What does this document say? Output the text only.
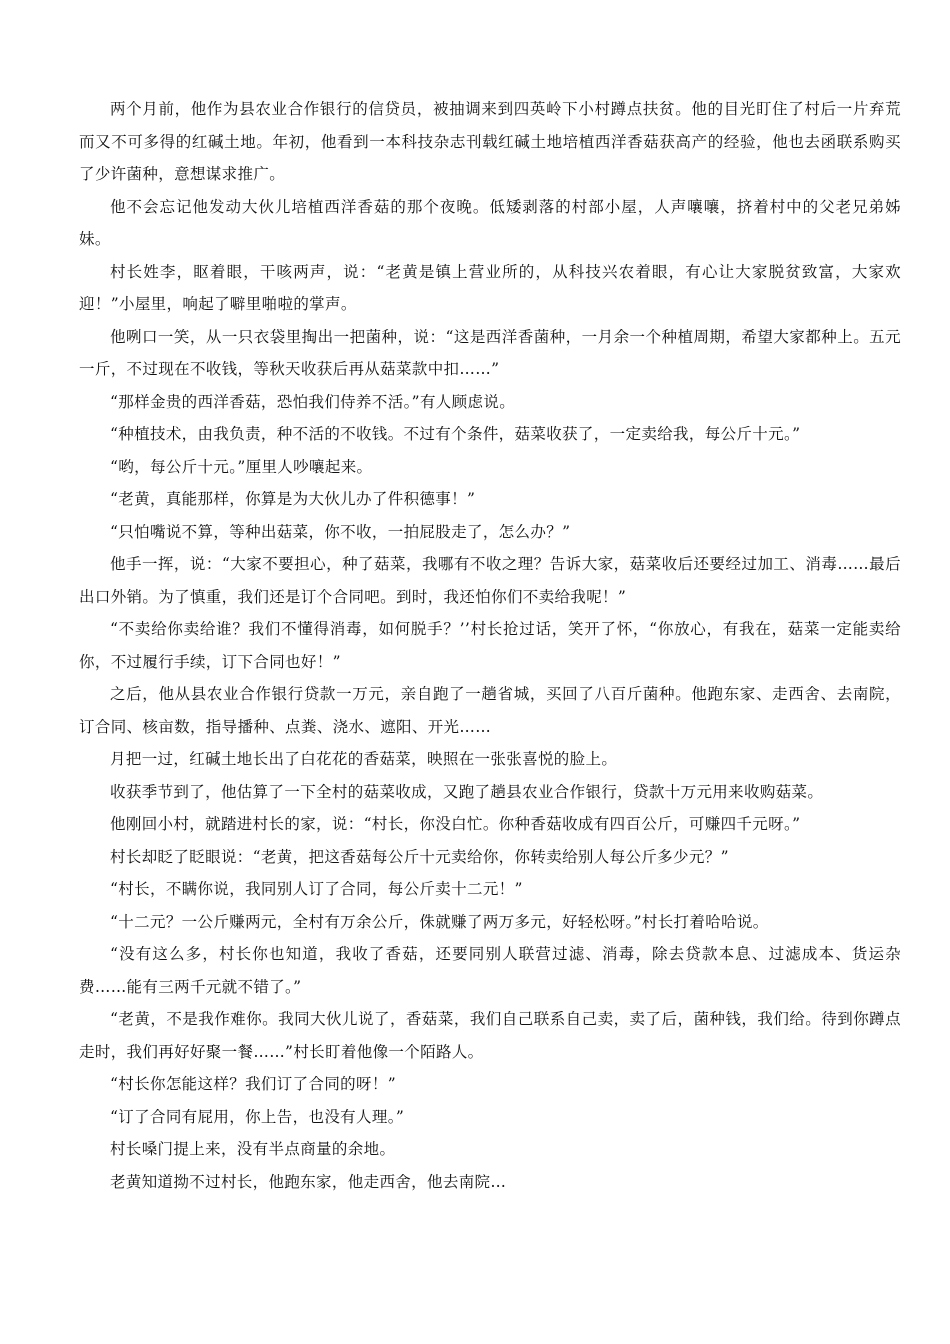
两个月前，他作为县农业合作银行的信贷员，被抽调来到四英岭下小村蹲点扶贫。他的目光盯住了村后一片弃荒而又不可多得的红碱土地。年初，他看到一本科技杂志刊载红碱土地培植西洋香菇获高产的经验，他也去函联系购买了少许菌种，意想谋求推广。

他不会忘记他发动大伙儿培植西洋香菇的那个夜晚。低矮剥落的村部小屋，人声嚷嚷，挤着村中的父老兄弟姊妹。

村长姓李，眍着眼，干咳两声，说：“老黄是镇上营业所的，从科技兴农着眼，有心让大家脱贫致富，大家欢迎！”小屋里，响起了噼里啪啦的掌声。

他咧口一笑，从一只衣袋里掏出一把菌种，说：“这是西洋香菌种，一月余一个种植周期，希望大家都种上。五元一斤，不过现在不收钱，等秋天收获后再从菇菜款中扣……”

“那样金贵的西洋香菇，恐怕我们侍养不活。”有人顾虑说。

“种植技术，由我负责，种不活的不收钱。不过有个条件，菇菜收获了，一定卖给我，每公斤十元。”

“哟，每公斤十元。”厘里人吵嚷起来。

“老黄，真能那样，你算是为大伙儿办了件积德事！”

“只怕嘴说不算，等种出菇菜，你不收，一拍屁股走了，怎么办？”

他手一挥，说：“大家不要担心，种了菇菜，我哪有不收之理？告诉大家，菇菜收后还要经过加工、消毒……最后出口外销。为了慎重，我们还是订个合同吧。到时，我还怕你们不卖给我呢！”

“不卖给你卖给谁？我们不懂得消毒，如何脱手？’’村长抢过话，笑开了怀，“你放心，有我在，菇菜一定能卖给你，不过履行手续，订下合同也好！”

之后，他从县农业合作银行贷款一万元，亲自跑了一趟省城，买回了八百斤菌种。他跑东家、走西舍、去南院，订合同、核亩数，指导播种、点粪、浇水、遮阳、开光……

月把一过，红碱土地长出了白花花的香菇菜，映照在一张张喜悦的脸上。

收获季节到了，他估算了一下全村的菇菜收成，又跑了趟县农业合作银行，贷款十万元用来收购菇菜。

他刚回小村，就踏进村长的家，说：“村长，你没白忙。你种香菇收成有四百公斤，可赚四千元呀。”

村长却眨了眨眼说：“老黄，把这香菇每公斤十元卖给你，你转卖给别人每公斤多少元？”

“村长，不瞒你说，我同别人订了合同，每公斤卖十二元！”

“十二元？一公斤赚两元，全村有万余公斤，侏就赚了两万多元，好轻松呀。”村长打着哈哈说。

“没有这么多，村长你也知道，我收了香菇，还要同别人联营过滤、消毒，除去贷款本息、过滤成本、货运杂费……能有三两千元就不错了。”

“老黄，不是我作难你。我同大伙儿说了，香菇菜，我们自己联系自己卖，卖了后，菌种钱，我们给。待到你蹲点走时，我们再好好聚一餐……”村长盯着他像一个陌路人。

“村长你怎能这样？我们订了合同的呀！”

“订了合同有屁用，你上告，也没有人理。”

村长嗓门提上来，没有半点商量的余地。

老黄知道拗不过村长，他跑东家，他走西舍，他去南院…
